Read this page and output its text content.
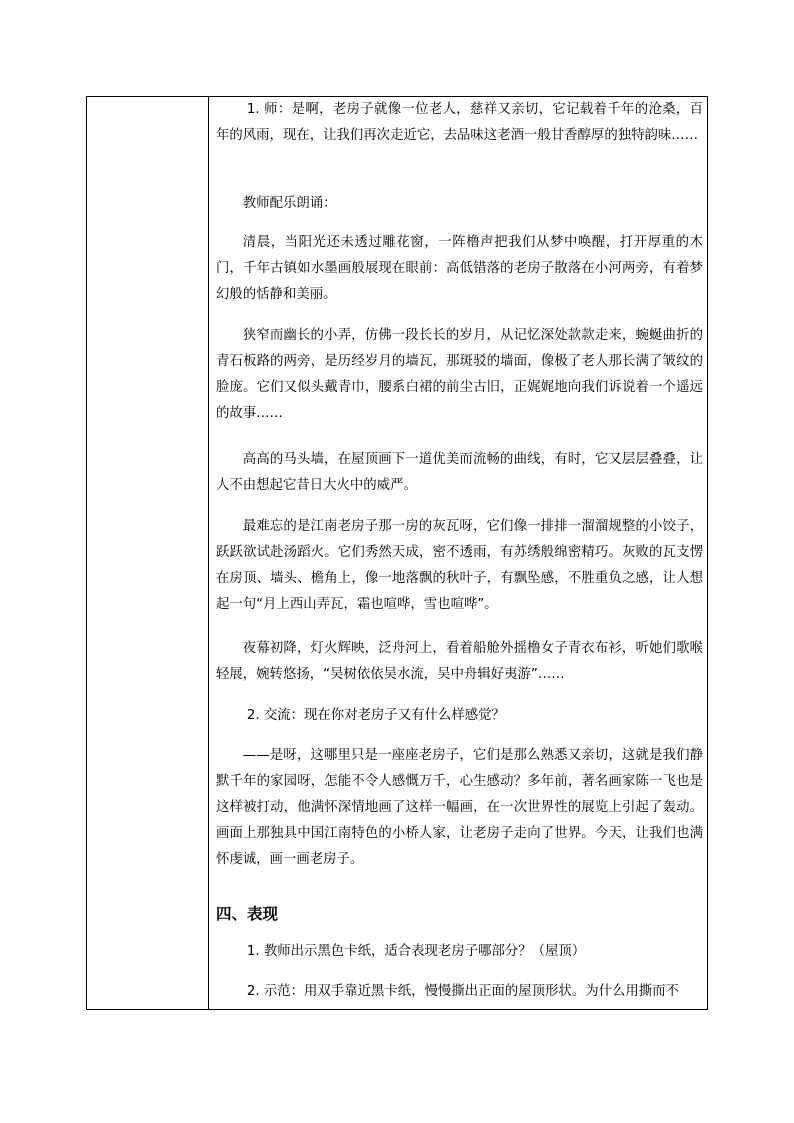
1. 师：是啊，老房子就像一位老人，慈祥又亲切，它记载着千年的沧桑，百年的风雨，现在，让我们再次走近它，去品味这老酒一般甘香醇厚的独特韵味……

教师配乐朗诵：

清晨，当阳光还未透过雕花窗，一阵橹声把我们从梦中唤醒，打开厚重的木门，千年古镇如水墨画般展现在眼前：高低错落的老房子散落在小河两旁，有着梦幻般的恬静和美丽。

狭窄而幽长的小弄，仿佛一段长长的岁月，从记忆深处款款走来，蜿蜒曲折的青石板路的两旁，是历经岁月的墙瓦，那斑驳的墙面，像极了老人那长满了皱纹的脸庞。它们又似头戴青巾，腰系白裙的前尘古旧，正娓娓地向我们诉说着一个遥远的故事……

高高的马头墙，在屋顶画下一道优美而流畅的曲线，有时，它又层层叠叠，让人不由想起它昔日大火中的威严。

最难忘的是江南老房子那一房的灰瓦呀，它们像一排排一溜溜规整的小饺子，跃跃欲试赴汤蹈火。它们秀然天成，密不透雨，有苏绣般绵密精巧。灰败的瓦支愣在房顶、墙头、檐角上，像一地落飘的秋叶子，有飘坠感，不胜重负之感，让人想起一句“月上西山弄瓦，霜也喧哗，雪也喧哗”。

夜幕初降，灯火辉映，泛舟河上，看着船舱外摇橹女子青衣布衫，听她们歌喉轻展，婉转悠扬，“吴树依依吴水流，吴中舟辑好夷游”……

2. 交流：现在你对老房子又有什么样感觉？

——是呀，这哪里只是一座座老房子，它们是那么熟悉又亲切，这就是我们静默千年的家园呀，怎能不令人感慨万千，心生感动？多年前，著名画家陈一飞也是这样被打动，他满怀深情地画了这样一幅画，在一次世界性的展览上引起了轰动。画面上那独具中国江南特色的小桥人家，让老房子走向了世界。今天，让我们也满怀虔诚，画一画老房子。

四、表现

1. 教师出示黑色卡纸，适合表现老房子哪部分？（屋顶）

2. 示范：用双手靠近黑卡纸，慢慢撕出正面的屋顶形状。为什么用撕而不
